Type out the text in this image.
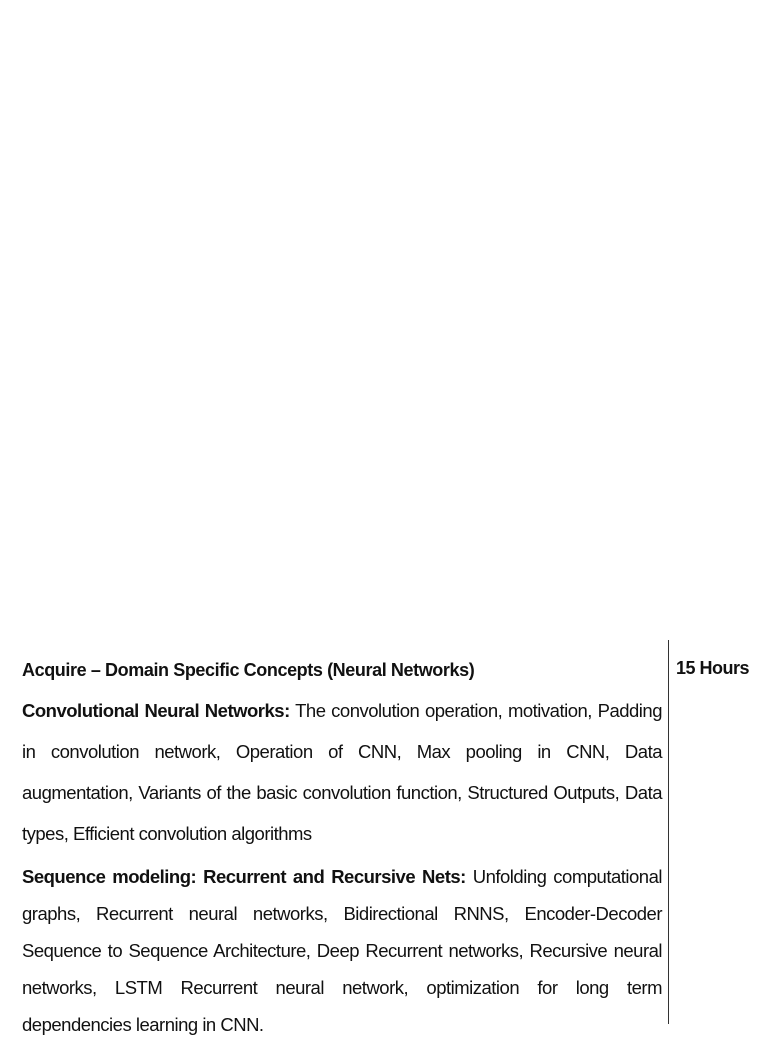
Acquire – Domain Specific Concepts (Neural Networks)

Convolutional Neural Networks: The convolution operation, motivation, Padding in convolution network, Operation of CNN, Max pooling in CNN, Data augmentation, Variants of the basic convolution function, Structured Outputs, Data types, Efficient convolution algorithms

Sequence modeling: Recurrent and Recursive Nets: Unfolding computational graphs, Recurrent neural networks, Bidirectional RNNS, Encoder-Decoder Sequence to Sequence Architecture, Deep Recurrent networks, Recursive neural networks, LSTM Recurrent neural network, optimization for long term dependencies learning in CNN.

15 Hours
